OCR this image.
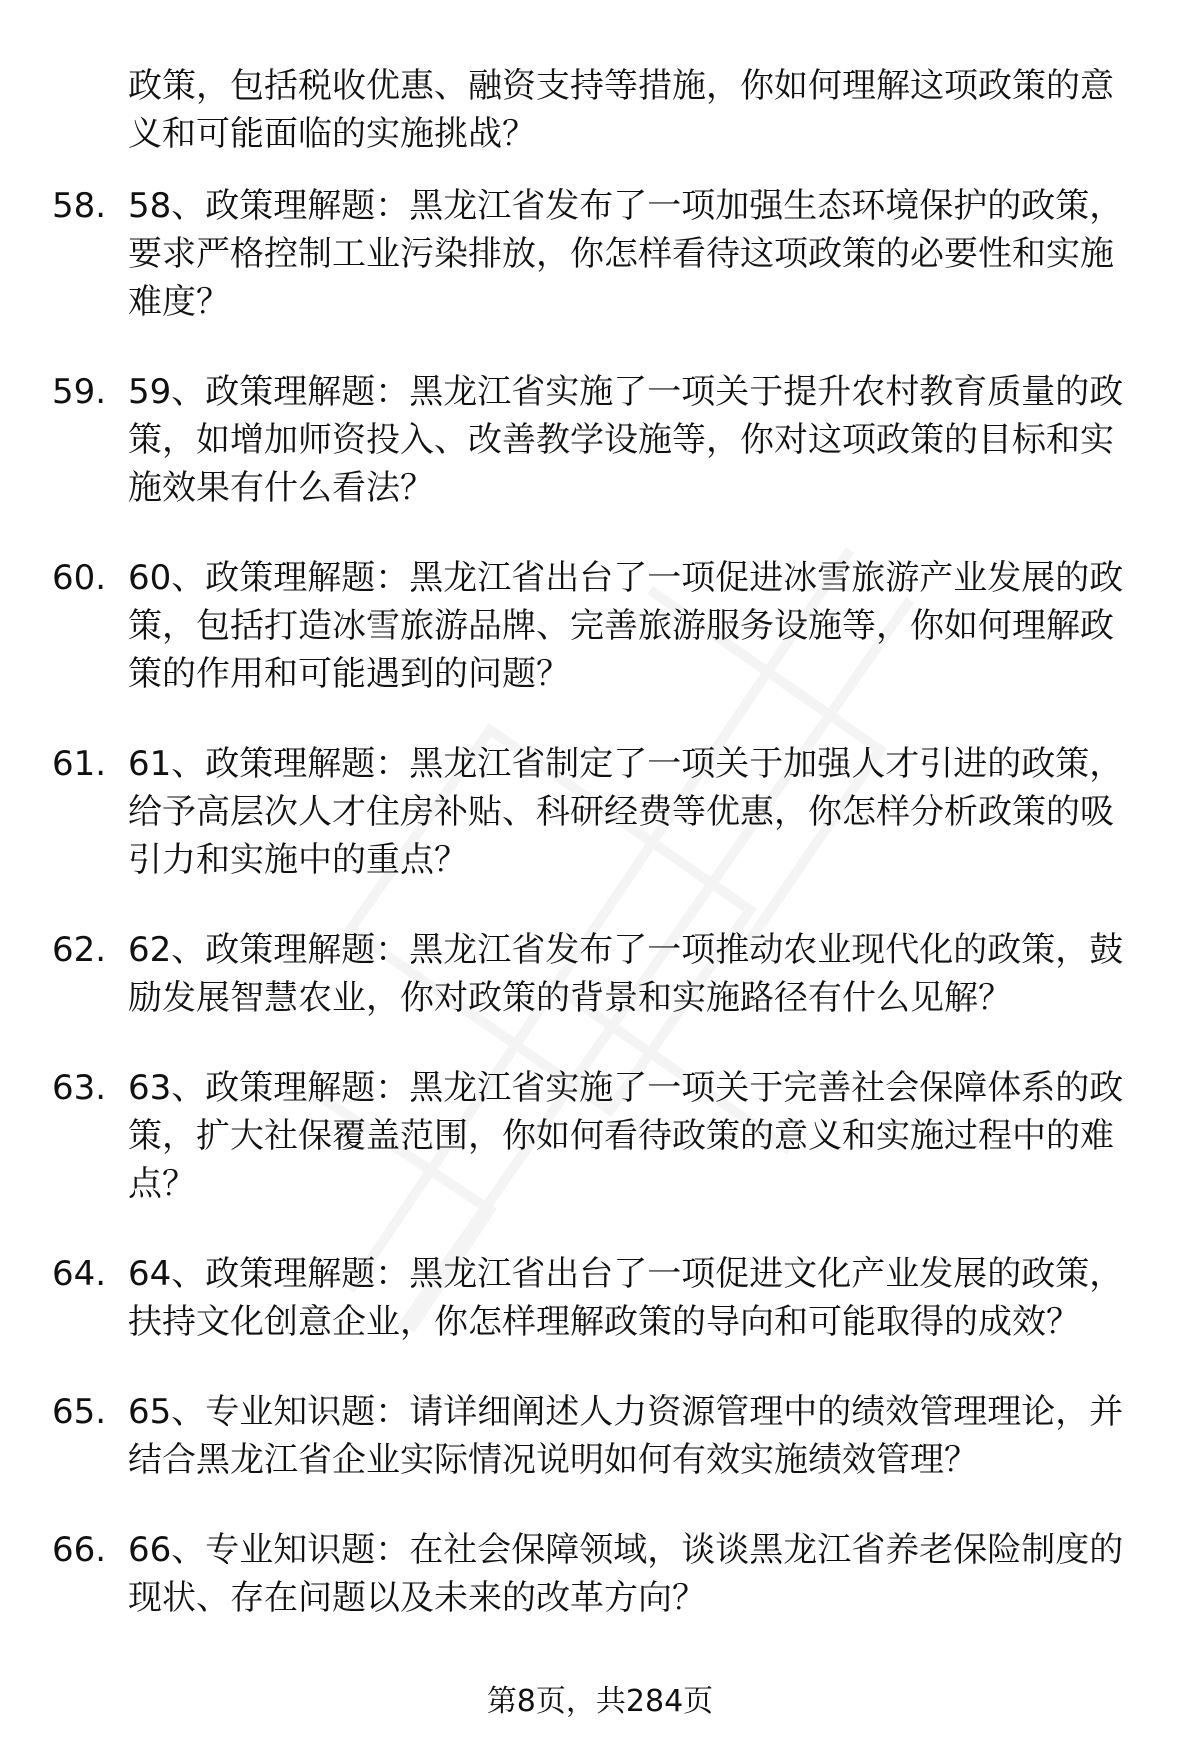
政策，包括税收优惠、融资支持等措施，你如何理解这项政策的意义和可能面临的实施挑战？

58. 58、政策理解题：黑龙江省发布了一项加强生态环境保护的政策，要求严格控制工业污染排放，你怎样看待这项政策的必要性和实施难度？

59. 59、政策理解题：黑龙江省实施了一项关于提升农村教育质量的政策，如增加师资投入、改善教学设施等，你对这项政策的目标和实施效果有什么看法？

60. 60、政策理解题：黑龙江省出台了一项促进冰雪旅游产业发展的政策，包括打造冰雪旅游品牌、完善旅游服务设施等，你如何理解政策的作用和可能遇到的问题？

61. 61、政策理解题：黑龙江省制定了一项关于加强人才引进的政策，给予高层次人才住房补贴、科研经费等优惠，你怎样分析政策的吸引力和实施中的重点？

62. 62、政策理解题：黑龙江省发布了一项推动农业现代化的政策，鼓励发展智慧农业，你对政策的背景和实施路径有什么见解？

63. 63、政策理解题：黑龙江省实施了一项关于完善社会保障体系的政策，扩大社保覆盖范围，你如何看待政策的意义和实施过程中的难点？

64. 64、政策理解题：黑龙江省出台了一项促进文化产业发展的政策，扶持文化创意企业，你怎样理解政策的导向和可能取得的成效？

65. 65、专业知识题：请详细阐述人力资源管理中的绩效管理理论，并结合黑龙江省企业实际情况说明如何有效实施绩效管理？

66. 66、专业知识题：在社会保障领域，谈谈黑龙江省养老保险制度的现状、存在问题以及未来的改革方向？

第8页，共284页
